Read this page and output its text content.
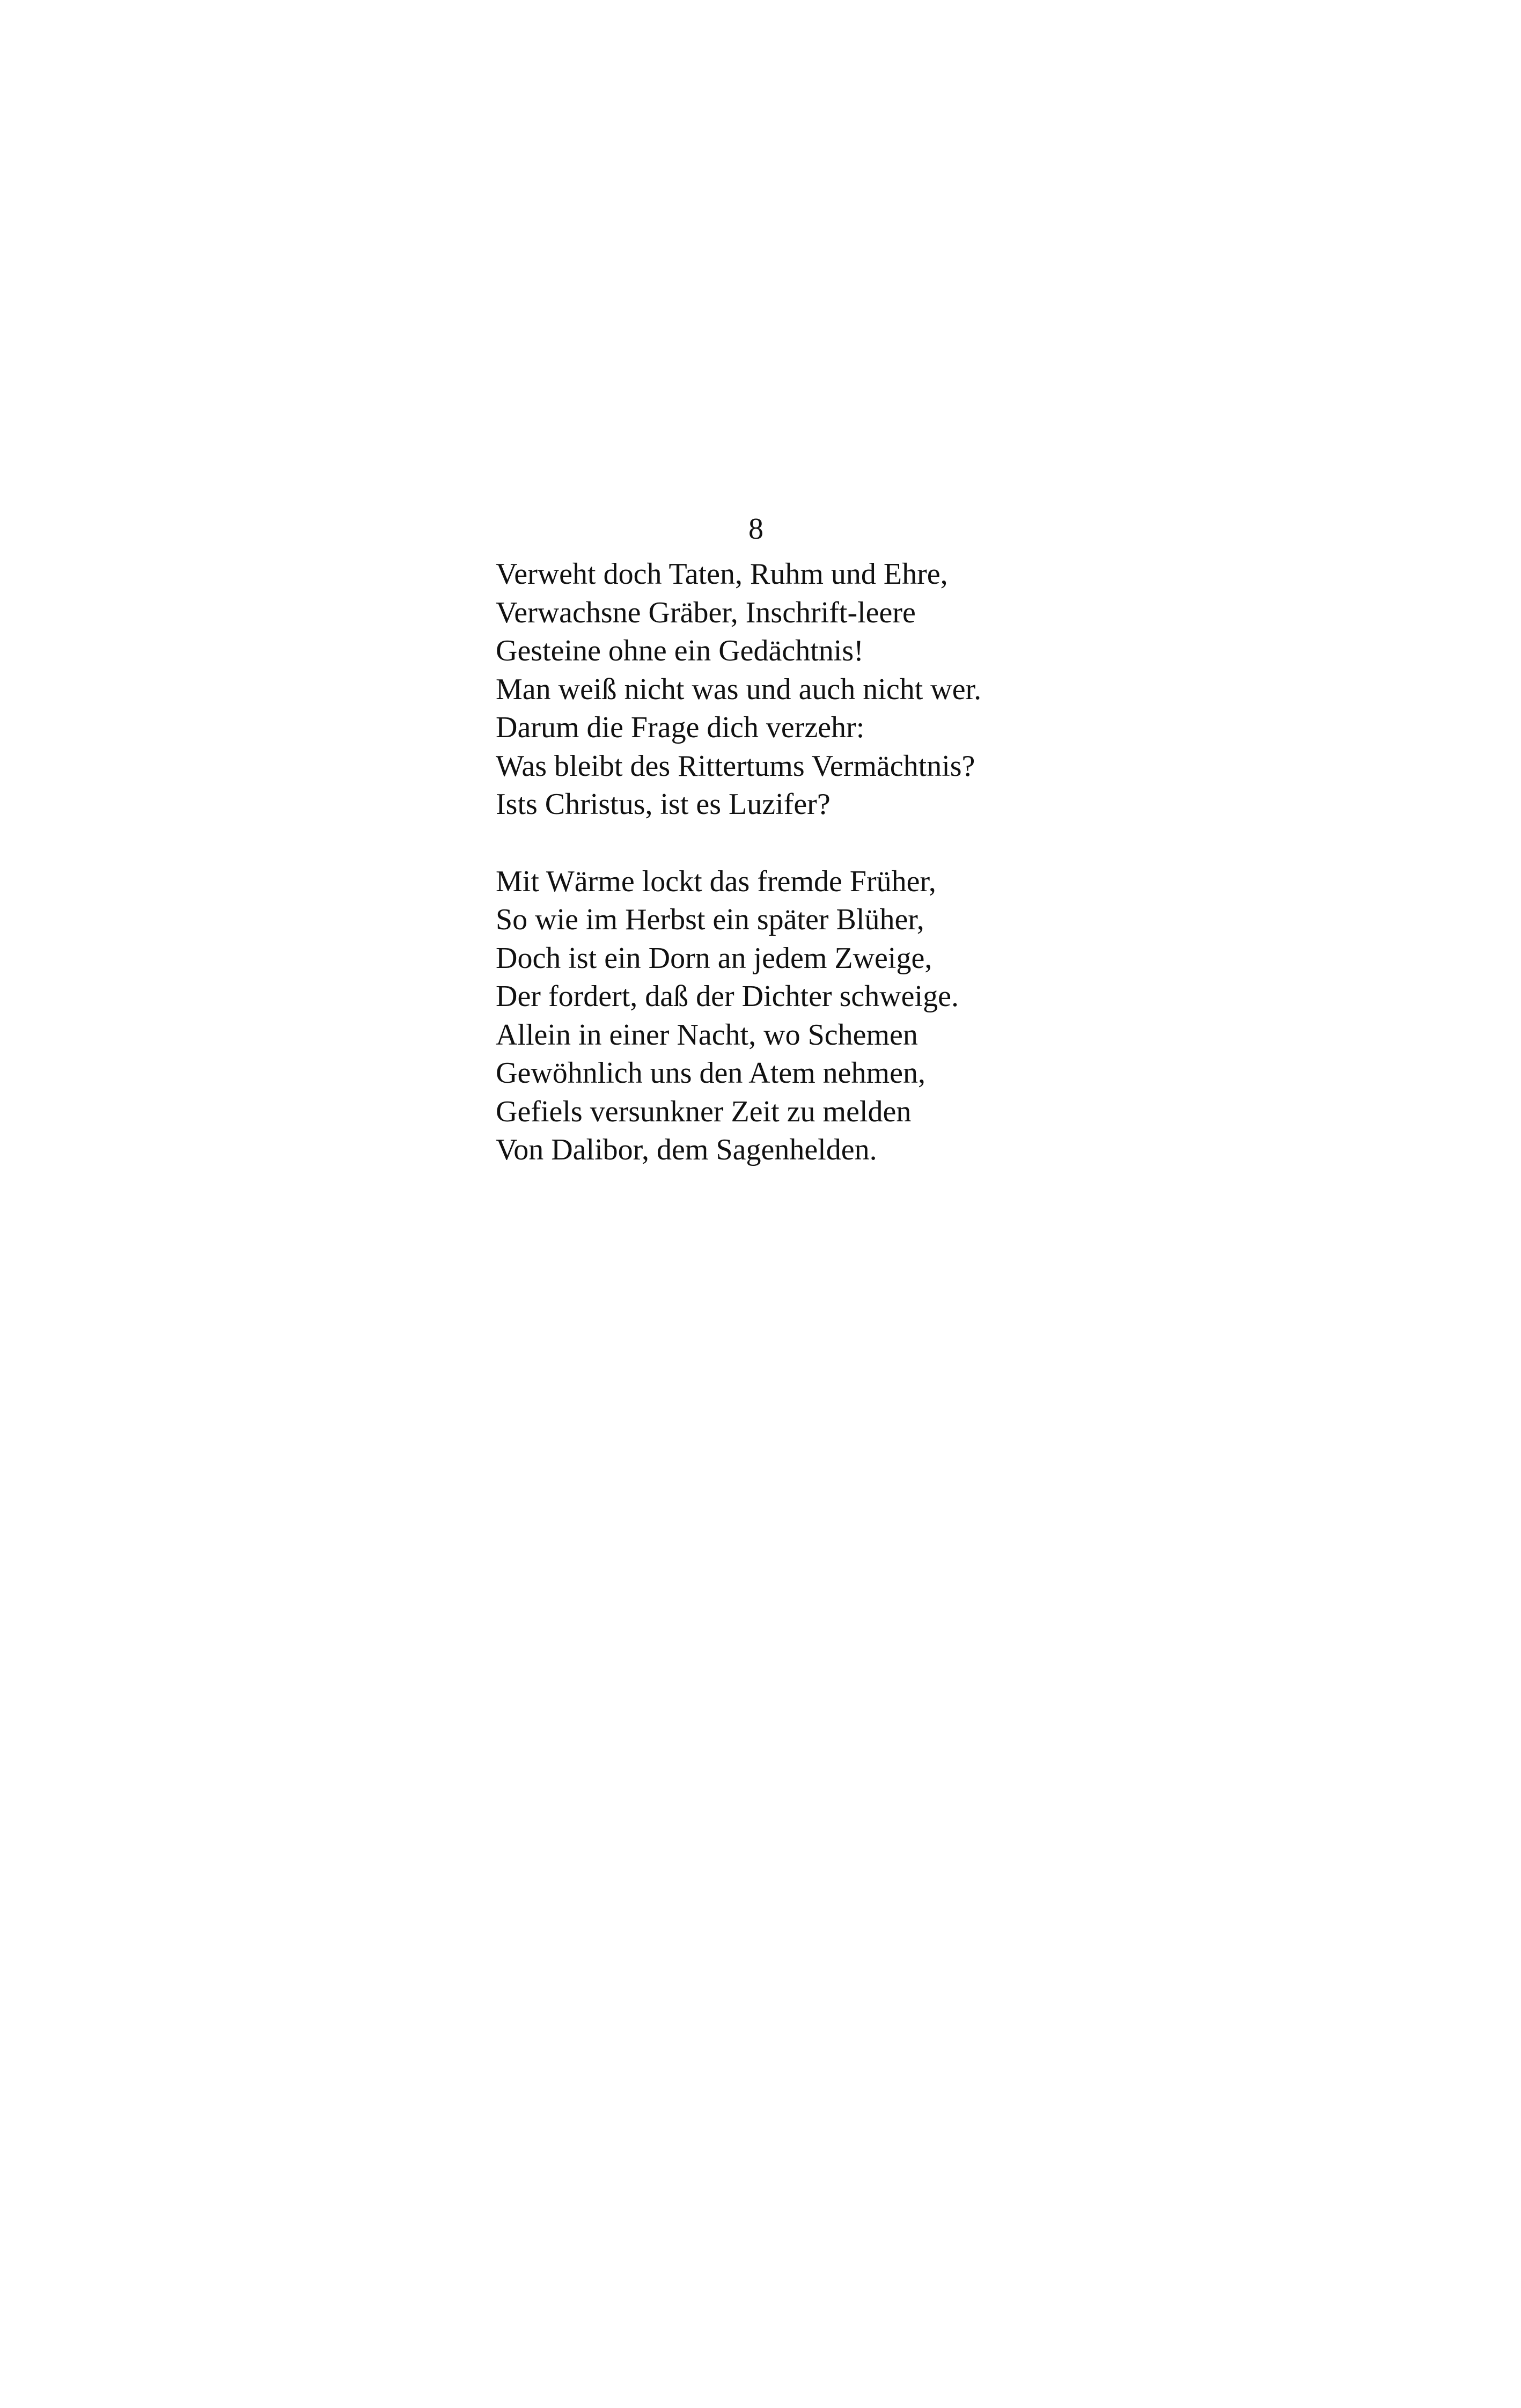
8
Verweht doch Taten, Ruhm und Ehre,
Verwachsne Gräber, Inschrift-leere
Gesteine ohne ein Gedächtnis!
Man weiß nicht was und auch nicht wer.
Darum die Frage dich verzehr:
Was bleibt des Rittertums Vermächtnis?
Ists Christus, ist es Luzifer?
Mit Wärme lockt das fremde Früher,
So wie im Herbst ein später Blüher,
Doch ist ein Dorn an jedem Zweige,
Der fordert, daß der Dichter schweige.
Allein in einer Nacht, wo Schemen
Gewöhnlich uns den Atem nehmen,
Gefiels versunkner Zeit zu melden
Von Dalibor, dem Sagenhelden.
